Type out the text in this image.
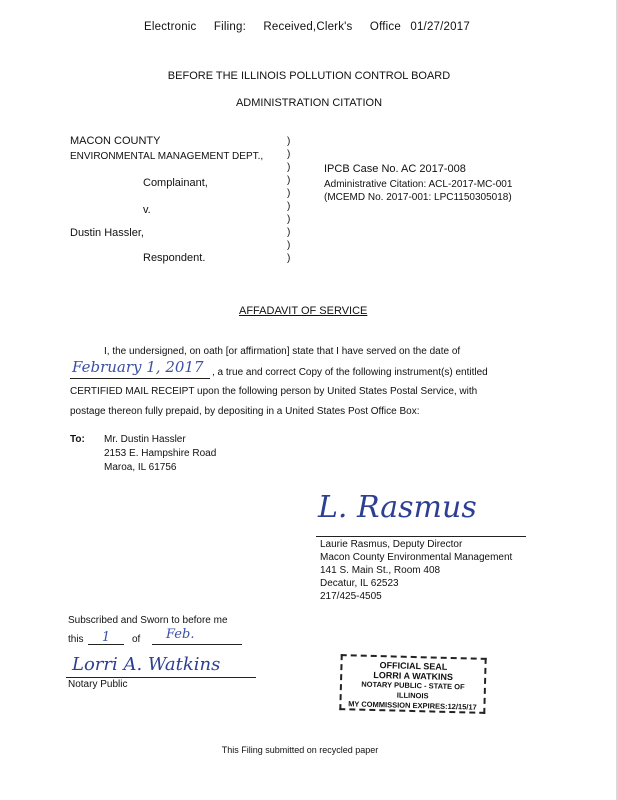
Electronic Filing: Received,Clerk's Office 01/27/2017
BEFORE THE ILLINOIS POLLUTION CONTROL BOARD
ADMINISTRATION CITATION
MACON COUNTY
ENVIRONMENTAL MANAGEMENT DEPT.,
Complainant,
v.
Dustin Hassler,
Respondent.
)
)
)
)
)
)
)
)
)
)
IPCB Case No. AC 2017-008
Administrative Citation: ACL-2017-MC-001
(MCEMD No. 2017-001: LPC1150305018)
AFFADAVIT OF SERVICE
I, the undersigned, on oath [or affirmation] state that I have served on the date of
February 1, 2017 , a true and correct Copy of the following instrument(s) entitled
CERTIFIED MAIL RECEIPT upon the following person by United States Postal Service, with
postage thereon fully prepaid, by depositing in a United States Post Office Box:
To: Mr. Dustin Hassler
2153 E. Hampshire Road
Maroa, IL 61756
L. Rasmus
Laurie Rasmus, Deputy Director
Macon County Environmental Management
141 S. Main St., Room 408
Decatur, IL 62523
217/425-4505
Subscribed and Sworn to before me
this	1	of Feb.
Lorri A. Watkins
Notary Public
OFFICIAL SEAL
LORRI A WATKINS
NOTARY PUBLIC - STATE OF ILLINOIS
MY COMMISSION EXPIRES:12/15/17
This Filing submitted on recycled paper
